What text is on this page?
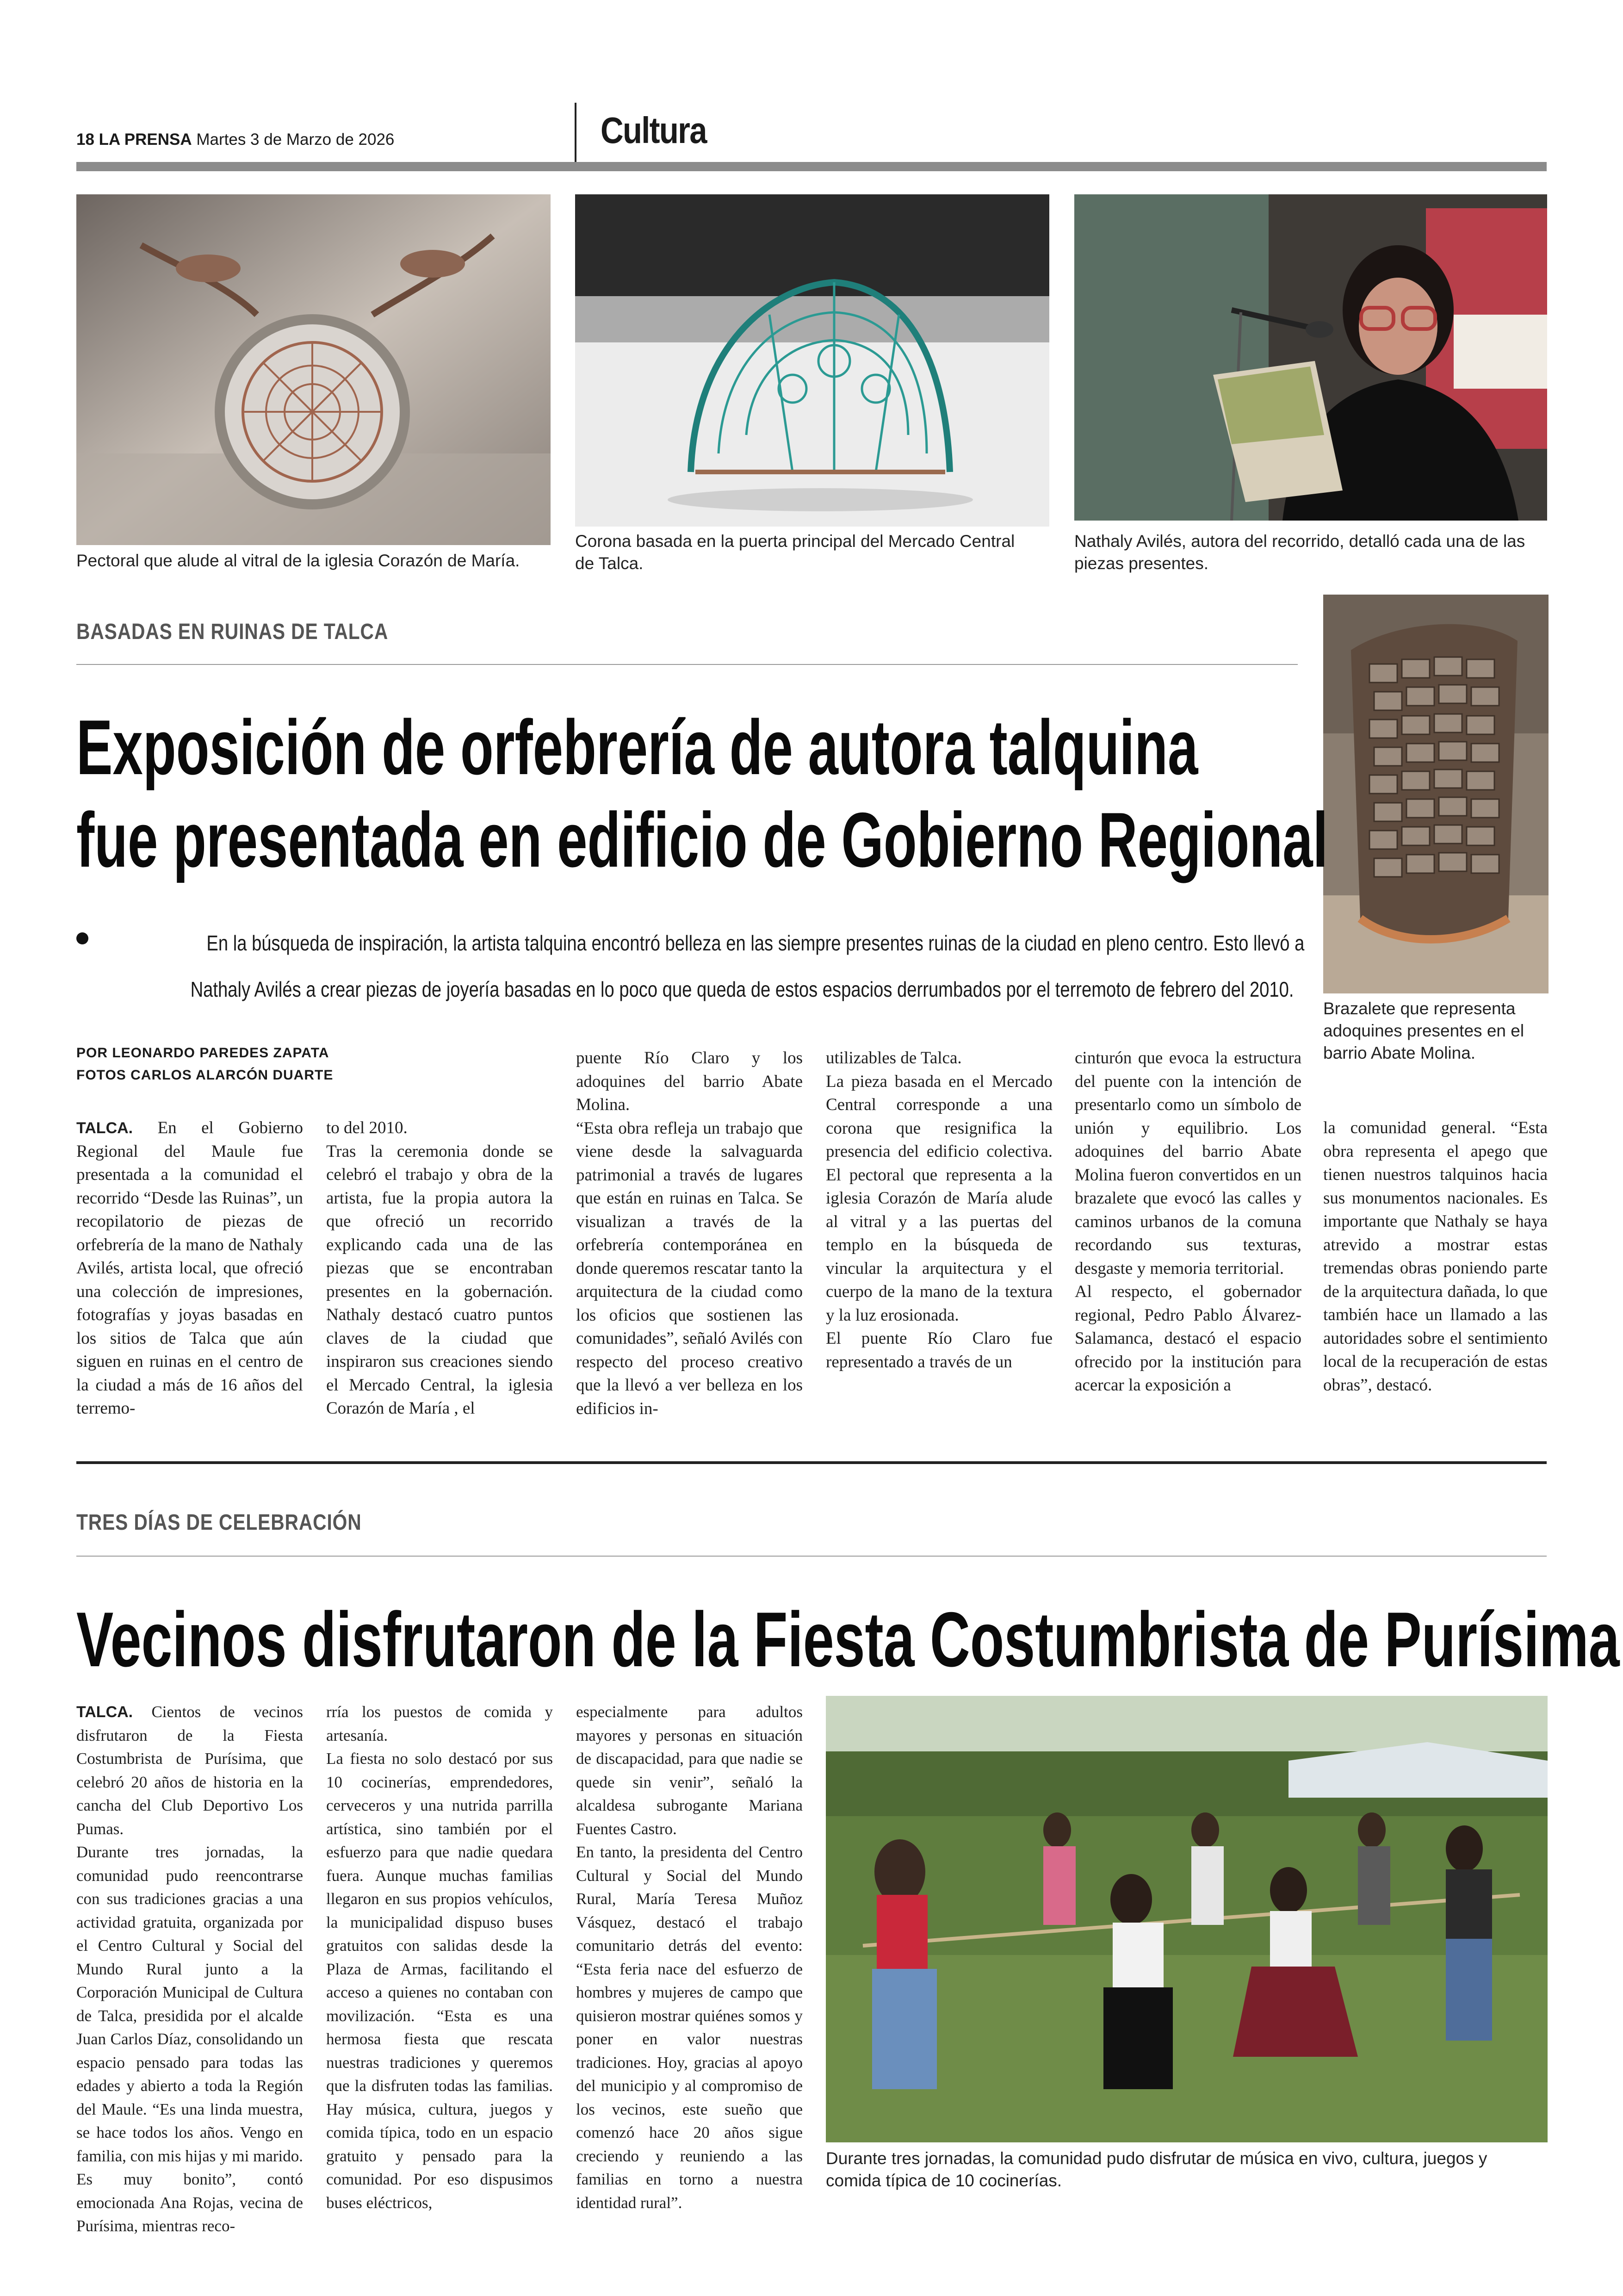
18 LA PRENSA Martes 3 de Marzo de 2026	Cultura
Pectoral que alude al vitral de la iglesia Corazón de María.
Corona basada en la puerta principal del Mercado Central
de Talca.
Nathaly Avilés, autora del recorrido, detalló cada una de las
piezas presentes.
Brazalete que representa
adoquines presentes en el
barrio Abate Molina.
BASADAS EN RUINAS DE TALCA
Exposición de orfebrería de autora talquina
fue presentada en edificio de Gobierno Regional
En la búsqueda de inspiración, la artista talquina encontró belleza en las siempre presentes ruinas de la ciudad en pleno centro. Esto llevó a
Nathaly Avilés a crear piezas de joyería basadas en lo poco que queda de estos espacios derrumbados por el terremoto de febrero del 2010.
POR LEONARDO PAREDES ZAPATA
FOTOS CARLOS ALARCÓN DUARTE
TALCA. En el Gobierno Regional del Maule fue presentada a la comunidad el recorrido “Desde las Ruinas”, un recopilatorio de piezas de orfebrería de la mano de Nathaly Avilés, artista local, que ofreció una colección de impresiones, fotografías y joyas basadas en los sitios de Talca que aún siguen en ruinas en el centro de la ciudad a más de 16 años del terremo-
to del 2010.
Tras la ceremonia donde se celebró el trabajo y obra de la artista, fue la propia autora la que ofreció un recorrido explicando cada una de las piezas que se encontraban presentes en la gobernación. Nathaly destacó cuatro puntos claves de la ciudad que inspiraron sus creaciones siendo el Mercado Central, la iglesia Corazón de María , el
puente Río Claro y los adoquines del barrio Abate Molina.
“Esta obra refleja un trabajo que viene desde la salvaguarda patrimonial a través de lugares que están en ruinas en Talca. Se visualizan a través de la orfebrería contemporánea en donde queremos rescatar tanto la arquitectura de la ciudad como los oficios que sostienen las comunidades”, señaló Avilés con respecto del proceso creativo que la llevó a ver belleza en los edificios in-
utilizables de Talca.
La pieza basada en el Mercado Central corresponde a una corona que resignifica la presencia del edificio colectiva. El pectoral que representa a la iglesia Corazón de María alude al vitral y a las puertas del templo en la búsqueda de vincular la arquitectura y el cuerpo de la mano de la textura y la luz erosionada.
El puente Río Claro fue representado a través de un
cinturón que evoca la estructura del puente con la intención de presentarlo como un símbolo de unión y equilibrio. Los adoquines del barrio Abate Molina fueron convertidos en un brazalete que evocó las calles y caminos urbanos de la comuna recordando sus texturas, desgaste y memoria territorial.
Al respecto, el gobernador regional, Pedro Pablo Álvarez-Salamanca, destacó el espacio ofrecido por la institución para acercar la exposición a
la comunidad general. “Esta obra representa el apego que tienen nuestros talquinos hacia sus monumentos nacionales. Es importante que Nathaly se haya atrevido a mostrar estas tremendas obras poniendo parte de la arquitectura dañada, lo que también hace un llamado a las autoridades sobre el sentimiento local de la recuperación de estas obras”, destacó.
TRES DÍAS DE CELEBRACIÓN
Vecinos disfrutaron de la Fiesta Costumbrista de Purísima
TALCA. Cientos de vecinos disfrutaron de la Fiesta Costumbrista de Purísima, que celebró 20 años de historia en la cancha del Club Deportivo Los Pumas.
Durante tres jornadas, la comunidad pudo reencontrarse con sus tradiciones gracias a una actividad gratuita, organizada por el Centro Cultural y Social del Mundo Rural junto a la Corporación Municipal de Cultura de Talca, presidida por el alcalde Juan Carlos Díaz, consolidando un espacio pensado para todas las edades y abierto a toda la Región del Maule. “Es una linda muestra, se hace todos los años. Vengo en familia, con mis hijas y mi marido. Es muy bonito”, contó emocionada Ana Rojas, vecina de Purísima, mientras reco-
rría los puestos de comida y artesanía.
La fiesta no solo destacó por sus 10 cocinerías, emprendedores, cerveceros y una nutrida parrilla artística, sino también por el esfuerzo para que nadie quedara fuera. Aunque muchas familias llegaron en sus propios vehículos, la municipalidad dispuso buses gratuitos con salidas desde la Plaza de Armas, facilitando el acceso a quienes no contaban con movilización. “Esta es una hermosa fiesta que rescata nuestras tradiciones y queremos que la disfruten todas las familias. Hay música, cultura, juegos y comida típica, todo en un espacio gratuito y pensado para la comunidad. Por eso dispusimos buses eléctricos,
especialmente para adultos mayores y personas en situación de discapacidad, para que nadie se quede sin venir”, señaló la alcaldesa subrogante Mariana Fuentes Castro.
En tanto, la presidenta del Centro Cultural y Social del Mundo Rural, María Teresa Muñoz Vásquez, destacó el trabajo comunitario detrás del evento: “Esta feria nace del esfuerzo de hombres y mujeres de campo que quisieron mostrar quiénes somos y poner en valor nuestras tradiciones. Hoy, gracias al apoyo del municipio y al compromiso de los vecinos, este sueño que comenzó hace 20 años sigue creciendo y reuniendo a las familias en torno a nuestra identidad rural”.
Durante tres jornadas, la comunidad pudo disfrutar de música en vivo, cultura, juegos y
comida típica de 10 cocinerías.
